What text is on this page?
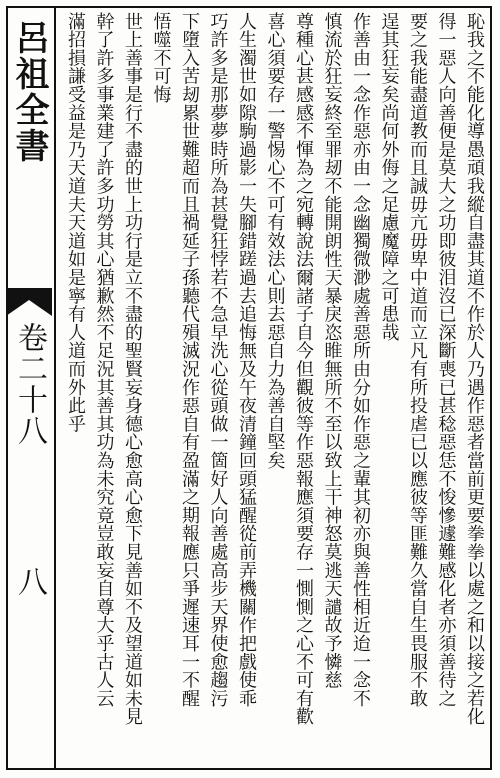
呂祖全書
卷二十八
八	恥我之不能化導愚頑我縱自盡其道不作於人乃遇作惡者當前更要拳拳以處之和以接之若化
得一惡人向善便是莫大之功即彼泪沒已深斷喪已甚稔惡恁不悛慘遽難感化者亦須善待之
要之我能盡道教而且誠毋亢毋卑中道而立凡有所投虐已以應彼等匪難久當自生畏服不敢
逞其狂妄矣尚何外侮之足慮魔障之可患哉
作善由一念作惡亦由一念幽獨微渺處善惡所由分如作惡之輩其初亦與善性相近迨一念不
慎流於狂妄終至罪刼不能開朗性天暴戾恣睢無所不至以致上干神怒莫逃天譴故予憐慈
尊種心甚感感不惲為之宛轉說法爾諸子自今但觀彼等作惡報應須要存一惻惻之心不可有歡
喜心須要存一警惕心不可有效法心則去惡自力為善自堅矣
人生濁世如隙駒過影一失腳錯蹉過去追悔無及午夜清鐘回頭猛醒從前弄機關作把戲使乖
巧許多是那夢夢時所為甚覺狂悖若不急早洗心從頭做一箇好人向善處高步天界使愈趨污
下墮入苦刼累世難超而且禍延子孫聽代殞滅況作惡自有盈滿之期報應只爭遲速耳一不醒
悟噬不可悔
世上善事是行不盡的世上功行是立不盡的聖賢妄身德心愈高心愈下見善如不及望道如未見
幹了許多事業建了許多功勞其心猶歉然不足況其善其功為未究竟豈敢妄自尊大乎古人云
滿招損謙受益是乃天道夫天道如是寧有人道而外此乎
